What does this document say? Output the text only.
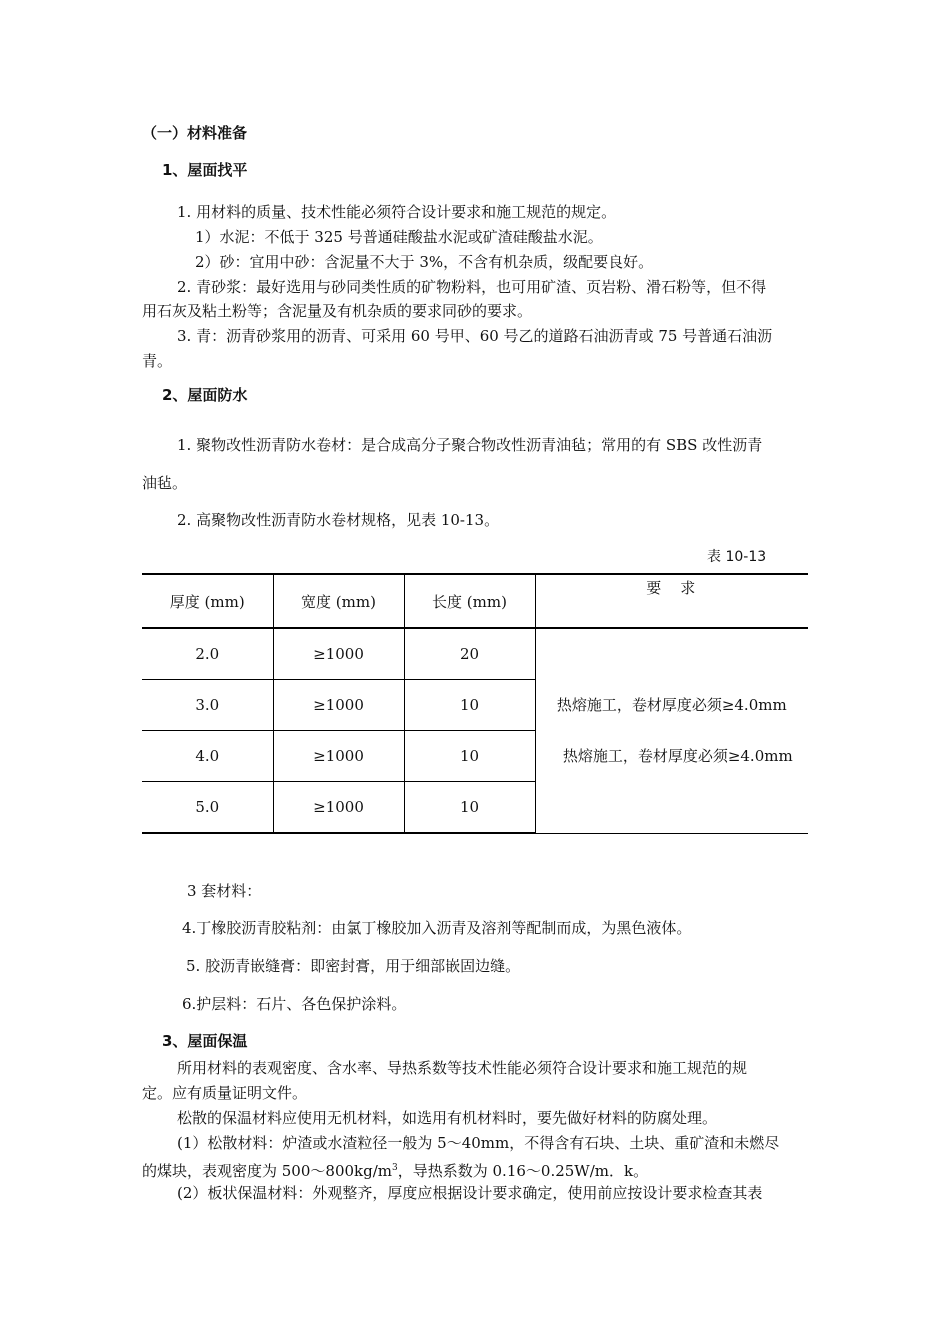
（一）材料准备
1、屋面找平
1. 用材料的质量、技术性能必须符合设计要求和施工规范的规定。
1）水泥：不低于 325 号普通硅酸盐水泥或矿渣硅酸盐水泥。
2）砂：宜用中砂：含泥量不大于 3%，不含有机杂质，级配要良好。
2. 青砂浆：最好选用与砂同类性质的矿物粉料，也可用矿渣、页岩粉、滑石粉等，但不得
用石灰及粘土粉等；含泥量及有机杂质的要求同砂的要求。
3. 青：沥青砂浆用的沥青、可采用 60 号甲、60 号乙的道路石油沥青或 75 号普通石油沥
青。
2、屋面防水
1. 聚物改性沥青防水卷材：是合成高分子聚合物改性沥青油毡；常用的有 SBS 改性沥青
油毡。
2. 高聚物改性沥青防水卷材规格，见表 10-13。
表 10-13
厚度 (mm)	宽度 (mm)	长度 (mm)	要　求
2.0	≥1000	20	热熔施工，卷材厚度必须≥4.0mm
热熔施工，卷材厚度必须≥4.0mm

3.0	≥1000	10	
4.0	≥1000	10	
5.0	≥1000	10	
3 套材料：
4.丁橡胶沥青胶粘剂：由氯丁橡胶加入沥青及溶剂等配制而成，为黑色液体。
5. 胶沥青嵌缝膏：即密封膏，用于细部嵌固边缝。
6.护层料：石片、各色保护涂料。
3、屋面保温
所用材料的表观密度、含水率、导热系数等技术性能必须符合设计要求和施工规范的规
定。应有质量证明文件。
松散的保温材料应使用无机材料，如选用有机材料时，要先做好材料的防腐处理。
(1）松散材料：炉渣或水渣粒径一般为 5～40mm，不得含有石块、土块、重矿渣和未燃尽
的煤块，表观密度为 $500\sim 800kg/m^3$，导热系数为 0.16～0.25W/m．k。
(2）板状保温材料：外观整齐，厚度应根据设计要求确定，使用前应按设计要求检查其表
